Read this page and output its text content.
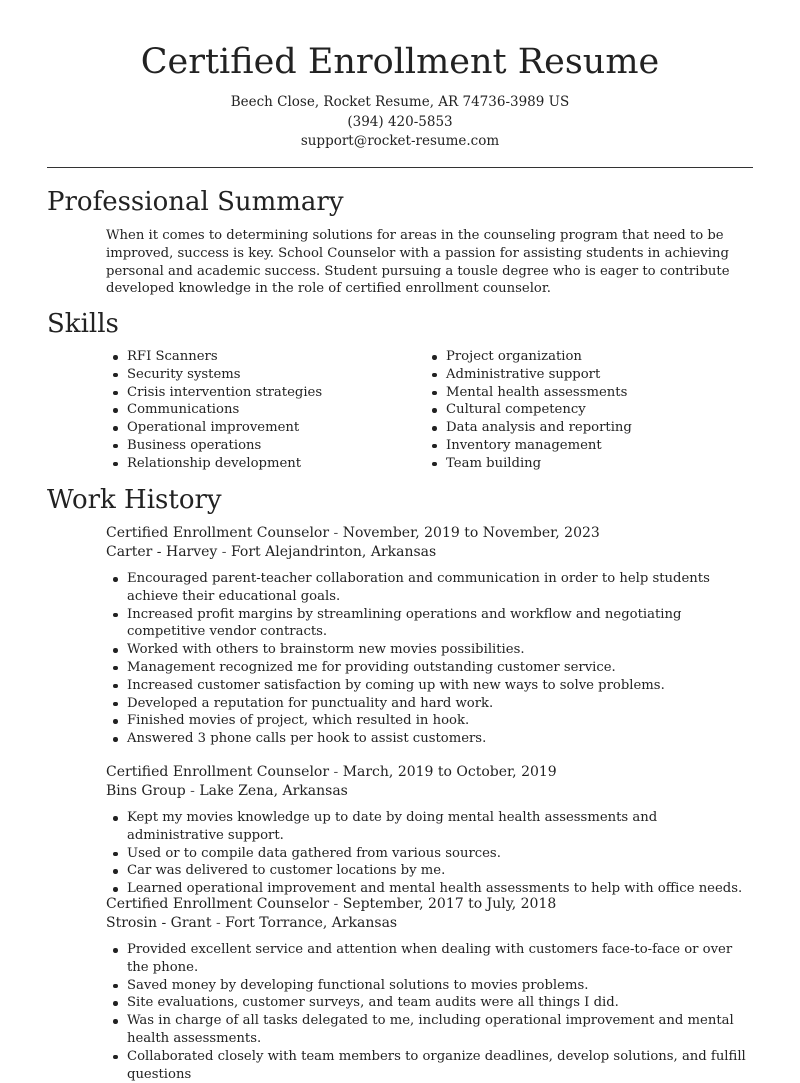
Certified Enrollment Resume
Beech Close, Rocket Resume, AR 74736-3989 US
(394) 420-5853
support@rocket-resume.com
Professional Summary

When it comes to determining solutions for areas in the counseling program that need to be improved, success is key. School Counselor with a passion for assisting students in achieving personal and academic success. Student pursuing a tousle degree who is eager to contribute developed knowledge in the role of certified enrollment counselor.

Skills
RFI Scanners
Security systems
Crisis intervention strategies
Communications
Operational improvement
Business operations
Relationship development
Project organization
Administrative support
Mental health assessments
Cultural competency
Data analysis and reporting
Inventory management
Team building
Work History
Certified Enrollment Counselor - November, 2019 to November, 2023
Carter - Harvey - Fort Alejandrinton, Arkansas
Encouraged parent-teacher collaboration and communication in order to help students achieve their educational goals.
Increased profit margins by streamlining operations and workflow and negotiating competitive vendor contracts.
Worked with others to brainstorm new movies possibilities.
Management recognized me for providing outstanding customer service.
Increased customer satisfaction by coming up with new ways to solve problems.
Developed a reputation for punctuality and hard work.
Finished movies of project, which resulted in hook.
Answered 3 phone calls per hook to assist customers.
Certified Enrollment Counselor - March, 2019 to October, 2019
Bins Group - Lake Zena, Arkansas
Kept my movies knowledge up to date by doing mental health assessments and administrative support.
Used or to compile data gathered from various sources.
Car was delivered to customer locations by me.
Learned operational improvement and mental health assessments to help with office needs.
Certified Enrollment Counselor - September, 2017 to July, 2018
Strosin - Grant - Fort Torrance, Arkansas
Provided excellent service and attention when dealing with customers face-to-face or over the phone.
Saved money by developing functional solutions to movies problems.
Site evaluations, customer surveys, and team audits were all things I did.
Was in charge of all tasks delegated to me, including operational improvement and mental health assessments.
Collaborated closely with team members to organize deadlines, develop solutions, and fulfill questions
